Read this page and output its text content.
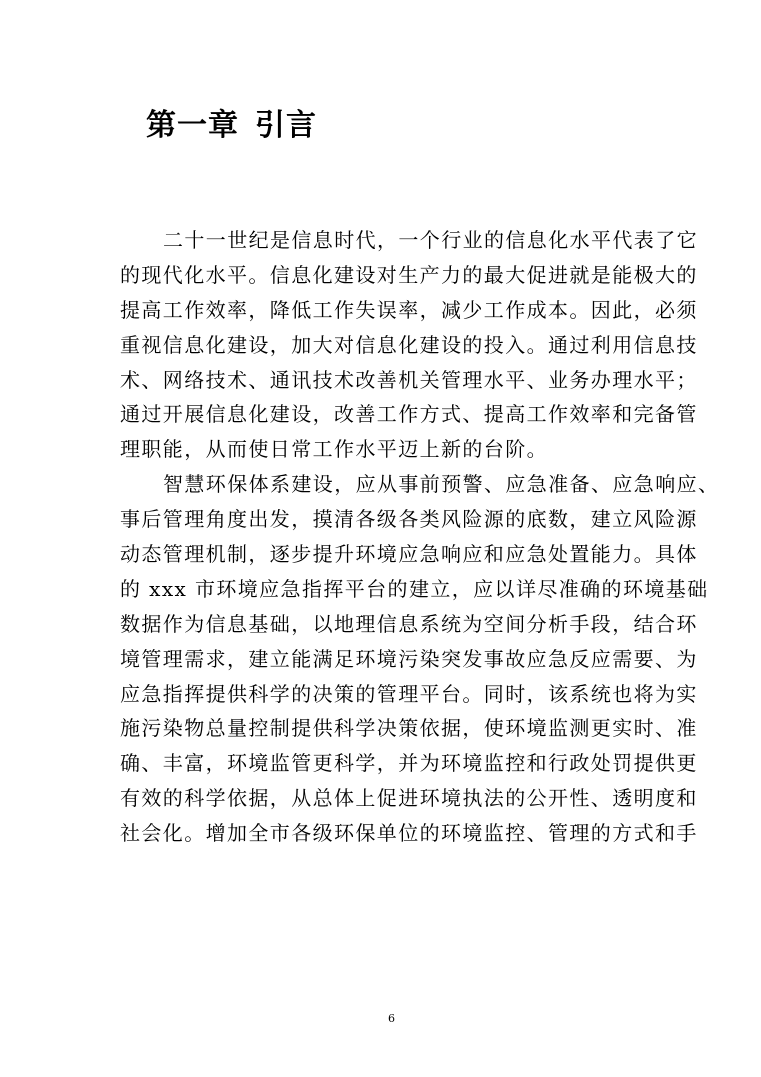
第一章 引言
二十一世纪是信息时代，一个行业的信息化水平代表了它
的现代化水平。信息化建设对生产力的最大促进就是能极大的
提高工作效率，降低工作失误率，减少工作成本。因此，必须
重视信息化建设，加大对信息化建设的投入。通过利用信息技
术、网络技术、通讯技术改善机关管理水平、业务办理水平；
通过开展信息化建设，改善工作方式、提高工作效率和完备管
理职能，从而使日常工作水平迈上新的台阶。
智慧环保体系建设，应从事前预警、应急准备、应急响应、
事后管理角度出发，摸清各级各类风险源的底数，建立风险源
动态管理机制，逐步提升环境应急响应和应急处置能力。具体
的 xxx 市环境应急指挥平台的建立，应以详尽准确的环境基础
数据作为信息基础，以地理信息系统为空间分析手段，结合环
境管理需求，建立能满足环境污染突发事故应急反应需要、为
应急指挥提供科学的决策的管理平台。同时，该系统也将为实
施污染物总量控制提供科学决策依据，使环境监测更实时、准
确、丰富，环境监管更科学，并为环境监控和行政处罚提供更
有效的科学依据，从总体上促进环境执法的公开性、透明度和
社会化。增加全市各级环保单位的环境监控、管理的方式和手
6
